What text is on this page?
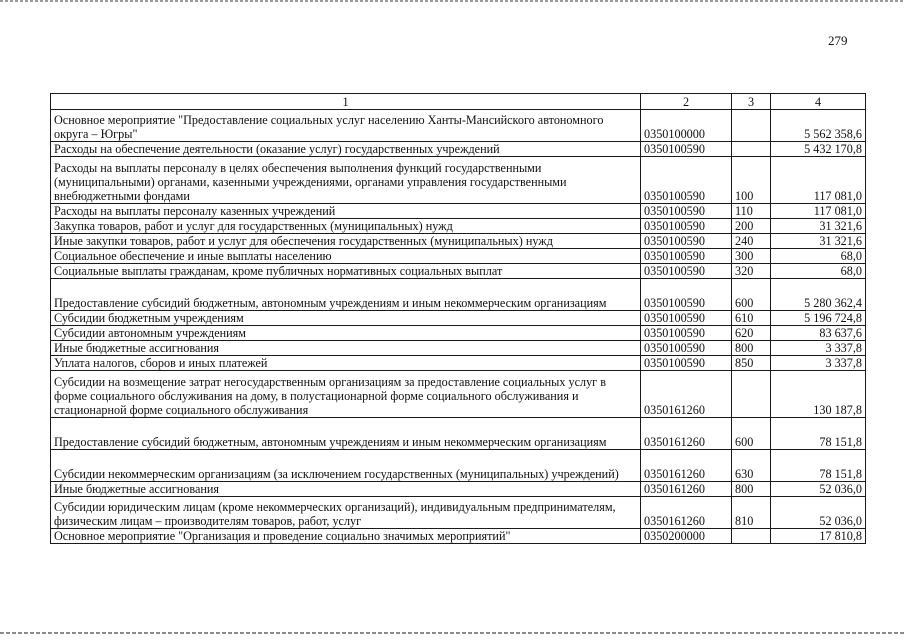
279
1	2	3	4
Основное мероприятие "Предоставление социальных услуг населению Ханты-Мансийского автономного округа – Югры"	0350100000		5 562 358,6
Расходы на обеспечение деятельности (оказание услуг) государственных учреждений	0350100590		5 432 170,8
Расходы на выплаты персоналу в целях обеспечения выполнения функций государственными (муниципальными) органами, казенными учреждениями, органами управления государственными внебюджетными фондами	0350100590	100	117 081,0
Расходы на выплаты персоналу казенных учреждений	0350100590	110	117 081,0
Закупка товаров, работ и услуг для государственных (муниципальных) нужд	0350100590	200	31 321,6
Иные закупки товаров, работ и услуг для обеспечения государственных (муниципальных) нужд	0350100590	240	31 321,6
Социальное обеспечение и иные выплаты населению	0350100590	300	68,0
Социальные выплаты гражданам, кроме публичных нормативных социальных выплат	0350100590	320	68,0
Предоставление субсидий бюджетным, автономным учреждениям и иным некоммерческим организациям	0350100590	600	5 280 362,4
Субсидии бюджетным учреждениям	0350100590	610	5 196 724,8
Субсидии автономным учреждениям	0350100590	620	83 637,6
Иные бюджетные ассигнования	0350100590	800	3 337,8
Уплата налогов, сборов и иных платежей	0350100590	850	3 337,8
Субсидии на возмещение затрат негосударственным организациям за предоставление социальных услуг в форме социального обслуживания на дому, в полустационарной форме социального обслуживания и стационарной форме социального обслуживания	0350161260		130 187,8
Предоставление субсидий бюджетным, автономным учреждениям и иным некоммерческим организациям	0350161260	600	78 151,8
Субсидии некоммерческим организациям (за исключением государственных (муниципальных) учреждений)	0350161260	630	78 151,8
Иные бюджетные ассигнования	0350161260	800	52 036,0
Субсидии юридическим лицам (кроме некоммерческих организаций), индивидуальным предпринимателям, физическим лицам – производителям товаров, работ, услуг	0350161260	810	52 036,0
Основное мероприятие "Организация и проведение социально значимых мероприятий"	0350200000		17 810,8
